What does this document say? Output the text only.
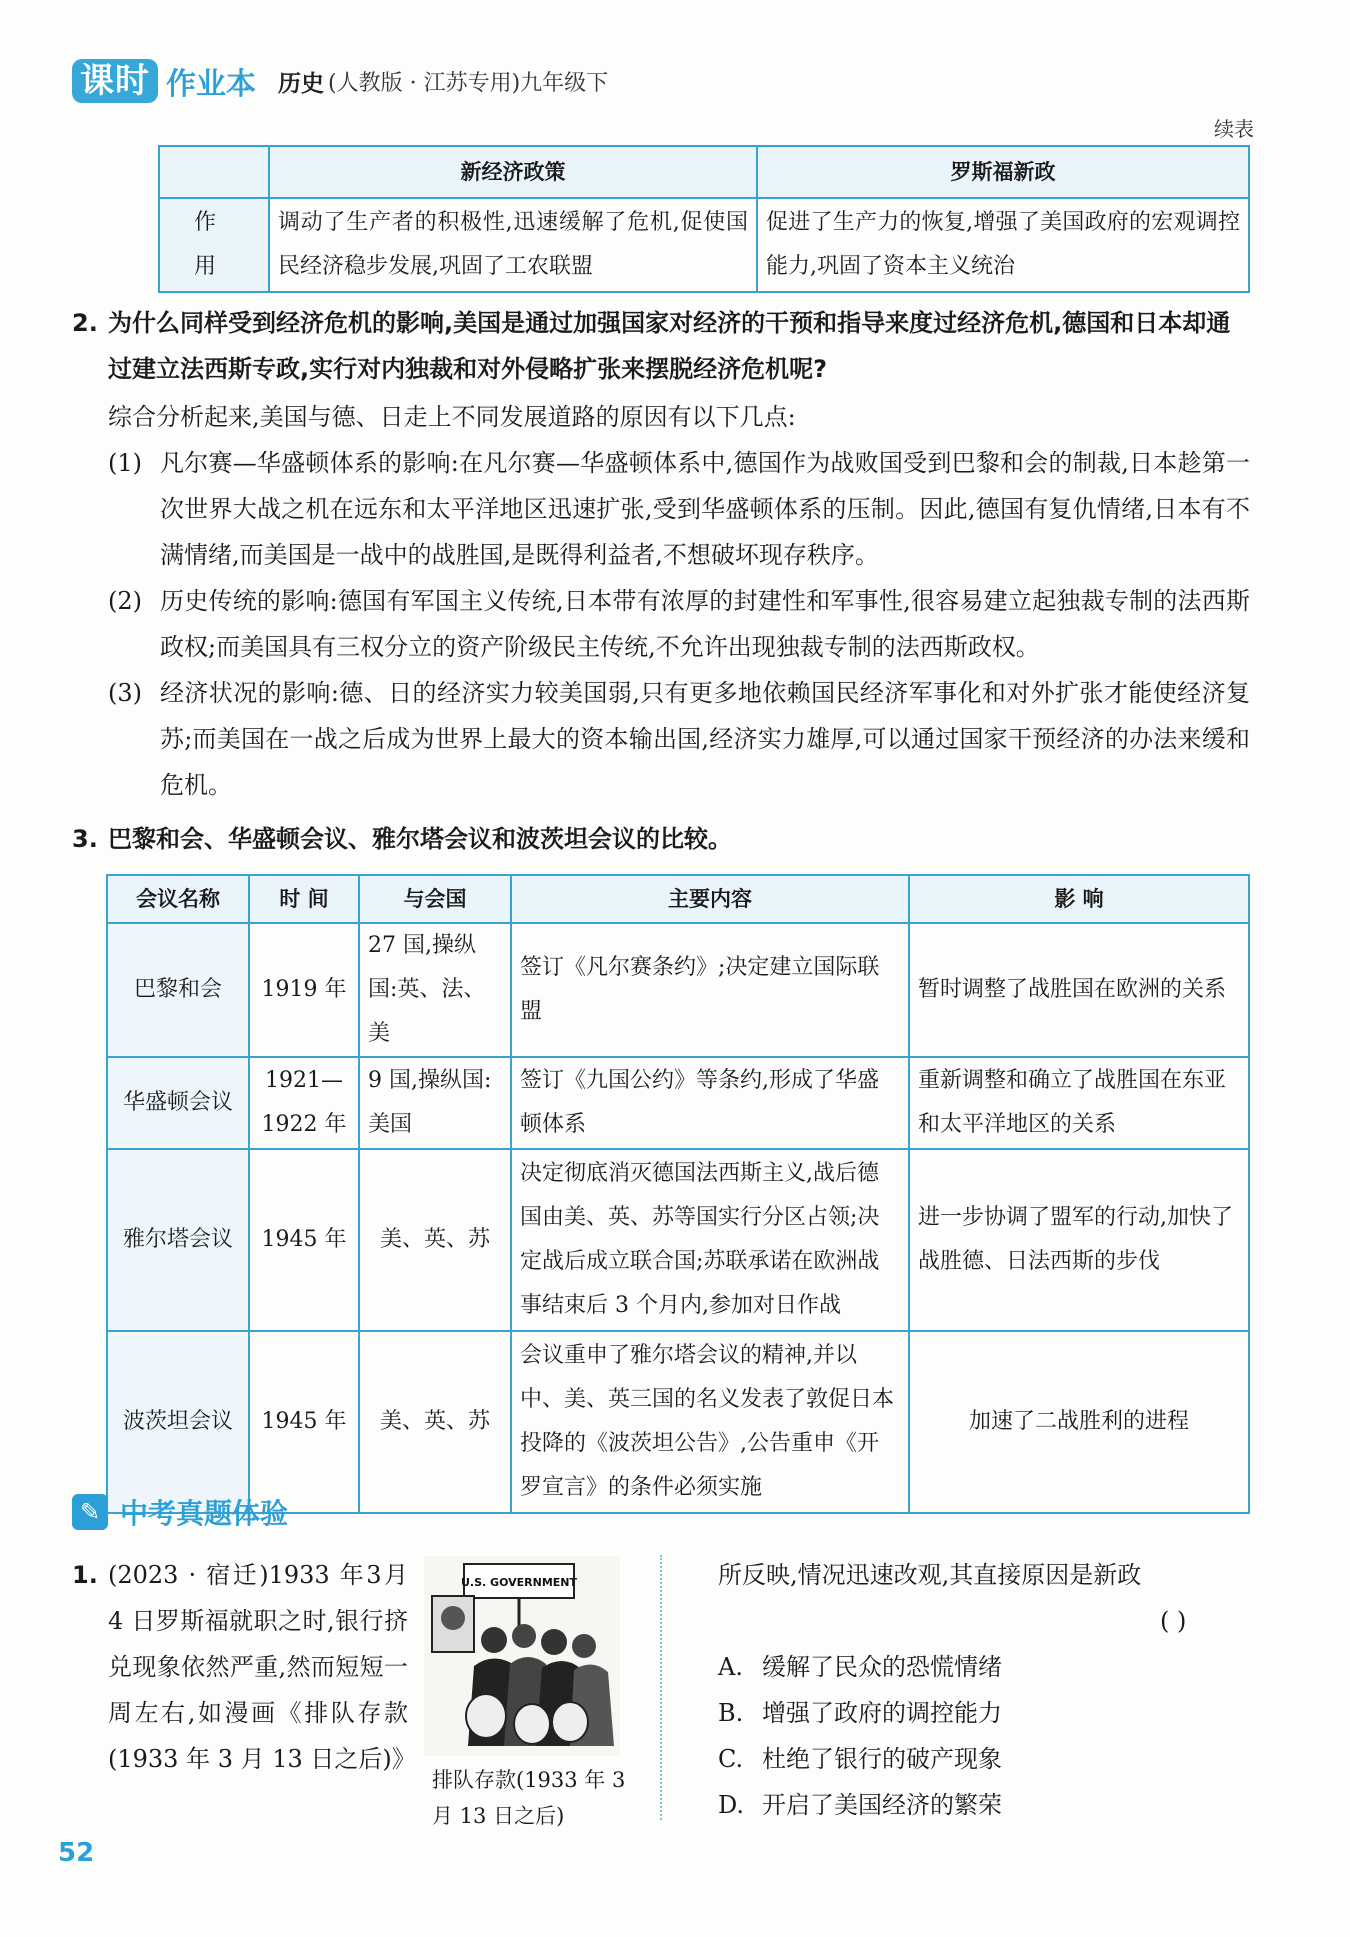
课时 作业本 历史 (人教版 · 江苏专用)九年级下
续表
	新经济政策	罗斯福新政
作 用	调动了生产者的积极性,迅速缓解了危机,促使国民经济稳步发展,巩固了工农联盟	促进了生产力的恢复,增强了美国政府的宏观调控能力,巩固了资本主义统治
2. 为什么同样受到经济危机的影响,美国是通过加强国家对经济的干预和指导来度过经济危机,德国和日本却通过建立法西斯专政,实行对内独裁和对外侵略扩张来摆脱经济危机呢?
综合分析起来,美国与德、日走上不同发展道路的原因有以下几点:
(1) 凡尔赛—华盛顿体系的影响:在凡尔赛—华盛顿体系中,德国作为战败国受到巴黎和会的制裁,日本趁第一次世界大战之机在远东和太平洋地区迅速扩张,受到华盛顿体系的压制。因此,德国有复仇情绪,日本有不满情绪,而美国是一战中的战胜国,是既得利益者,不想破坏现存秩序。
(2) 历史传统的影响:德国有军国主义传统,日本带有浓厚的封建性和军事性,很容易建立起独裁专制的法西斯政权;而美国具有三权分立的资产阶级民主传统,不允许出现独裁专制的法西斯政权。
(3) 经济状况的影响:德、日的经济实力较美国弱,只有更多地依赖国民经济军事化和对外扩张才能使经济复苏;而美国在一战之后成为世界上最大的资本输出国,经济实力雄厚,可以通过国家干预经济的办法来缓和危机。
3. 巴黎和会、华盛顿会议、雅尔塔会议和波茨坦会议的比较。
会议名称	时 间	与会国	主要内容	影 响
巴黎和会	1919 年	27 国,操纵国:英、法、美	签订《凡尔赛条约》;决定建立国际联盟	暂时调整了战胜国在欧洲的关系
华盛顿会议	1921—1922 年	9 国,操纵国:美国	签订《九国公约》等条约,形成了华盛顿体系	重新调整和确立了战胜国在东亚和太平洋地区的关系
雅尔塔会议	1945 年	美、英、苏	决定彻底消灭德国法西斯主义,战后德国由美、英、苏等国实行分区占领;决定战后成立联合国;苏联承诺在欧洲战事结束后 3 个月内,参加对日作战	进一步协调了盟军的行动,加快了战胜德、日法西斯的步伐
波茨坦会议	1945 年	美、英、苏	会议重申了雅尔塔会议的精神,并以中、美、英三国的名义发表了敦促日本投降的《波茨坦公告》,公告重申《开罗宣言》的条件必须实施	加速了二战胜利的进程
✎ 中考真题体验
1. (2023 · 宿迁)1933 年3月 4 日罗斯福就职之时,银行挤兑现象依然严重,然而短短一周左右,如漫画《排队存款(1933 年 3 月 13 日之后)》
U.S. GOVERNMENT
排队存款(1933 年 3 月 13 日之后)
所反映,情况迅速改观,其直接原因是新政
( )
A. 缓解了民众的恐慌情绪
B. 增强了政府的调控能力
C. 杜绝了银行的破产现象
D. 开启了美国经济的繁荣
52
